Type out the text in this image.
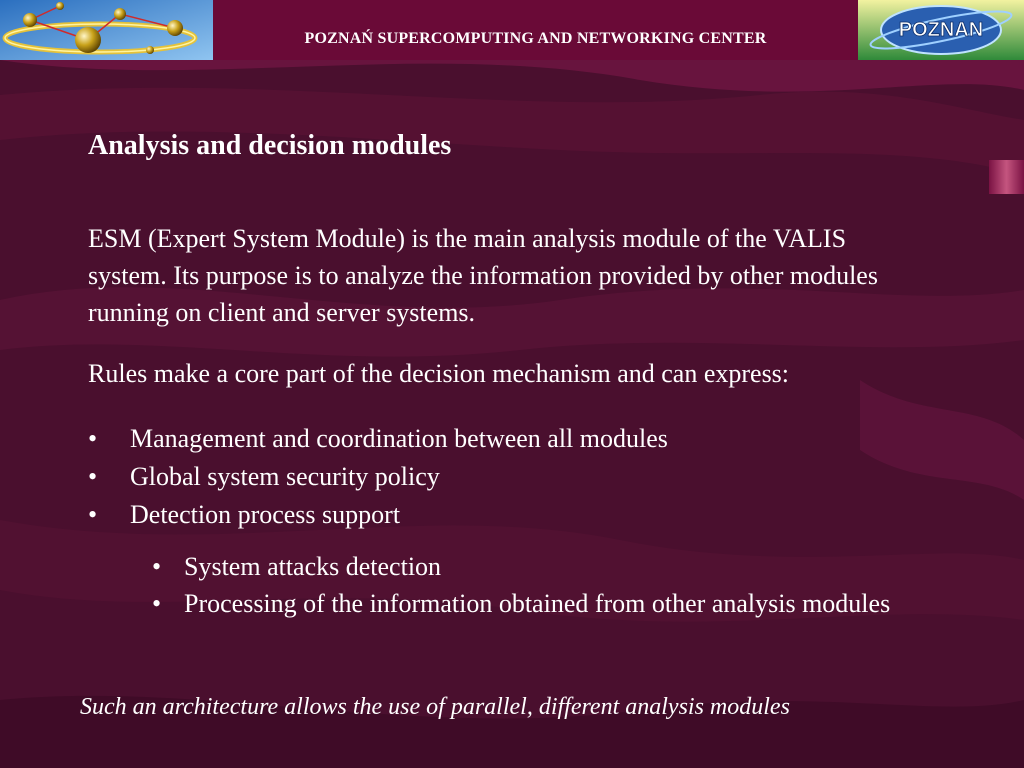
POZNAŃ SUPERCOMPUTING AND NETWORKING CENTER	POZNAN
Analysis and decision modules

ESM (Expert System Module) is the main analysis module of the VALIS system. Its purpose is to analyze the information provided by other modules running on client and server systems.

Rules make a core part of the decision mechanism and can express:

• Management and coordination between all modules
• Global system security policy
• Detection process support
• System attacks detection
• Processing of the information obtained from other analysis modules
Such an architecture allows the use of parallel, different analysis modules
